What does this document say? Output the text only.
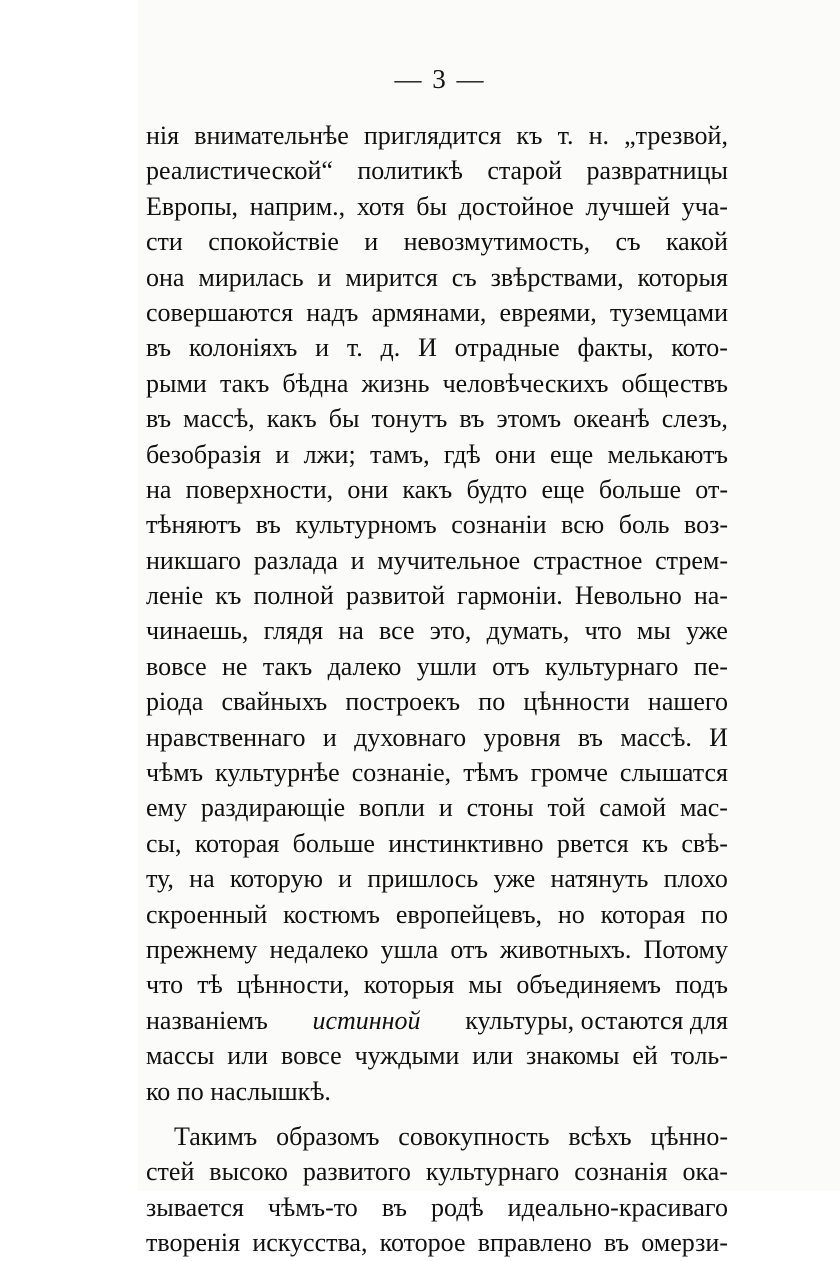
— 3 —
нія внимательнѣе приглядится къ т. н. „трезвой,
реалистической“ политикѣ старой развратницы
Европы, наприм., хотя бы достойное лучшей уча-
сти спокойствіе и невозмутимость, съ какой
она мирилась и мирится съ звѣрствами, которыя
совершаются надъ армянами, евреями, туземцами
въ колоніяхъ и т. д. И отрадные факты, кото-
рыми такъ бѣдна жизнь человѣческихъ обществъ
въ массѣ, какъ бы тонутъ въ этомъ океанѣ слезъ,
безобразія и лжи; тамъ, гдѣ они еще мелькаютъ
на поверхности, они какъ будто еще больше от-
тѣняютъ въ культурномъ сознаніи всю боль воз-
никшаго разлада и мучительное страстное стрем-
леніе къ полной развитой гармоніи. Невольно на-
чинаешь, глядя на все это, думать, что мы уже
вовсе не такъ далеко ушли отъ культурнаго пе-
ріода свайныхъ построекъ по цѣнности нашего
нравственнаго и духовнаго уровня въ массѣ. И
чѣмъ культурнѣе сознаніе, тѣмъ громче слышатся
ему раздирающіе вопли и стоны той самой мас-
сы, которая больше инстинктивно рвется къ свѣ-
ту, на которую и пришлось уже натянуть плохо
скроенный костюмъ европейцевъ, но которая по
прежнему недалеко ушла отъ животныхъ. Потому
что тѣ цѣнности, которыя мы объединяемъ подъ
названіемъ истинной культуры, остаются для
массы или вовсе чуждыми или знакомы ей толь-
ко по наслышкѣ.
Такимъ образомъ совокупность всѣхъ цѣнно-
стей высоко развитого культурнаго сознанія ока-
зывается чѣмъ-то въ родѣ идеально-красиваго
творенія искусства, которое вправлено въ омерзи-
